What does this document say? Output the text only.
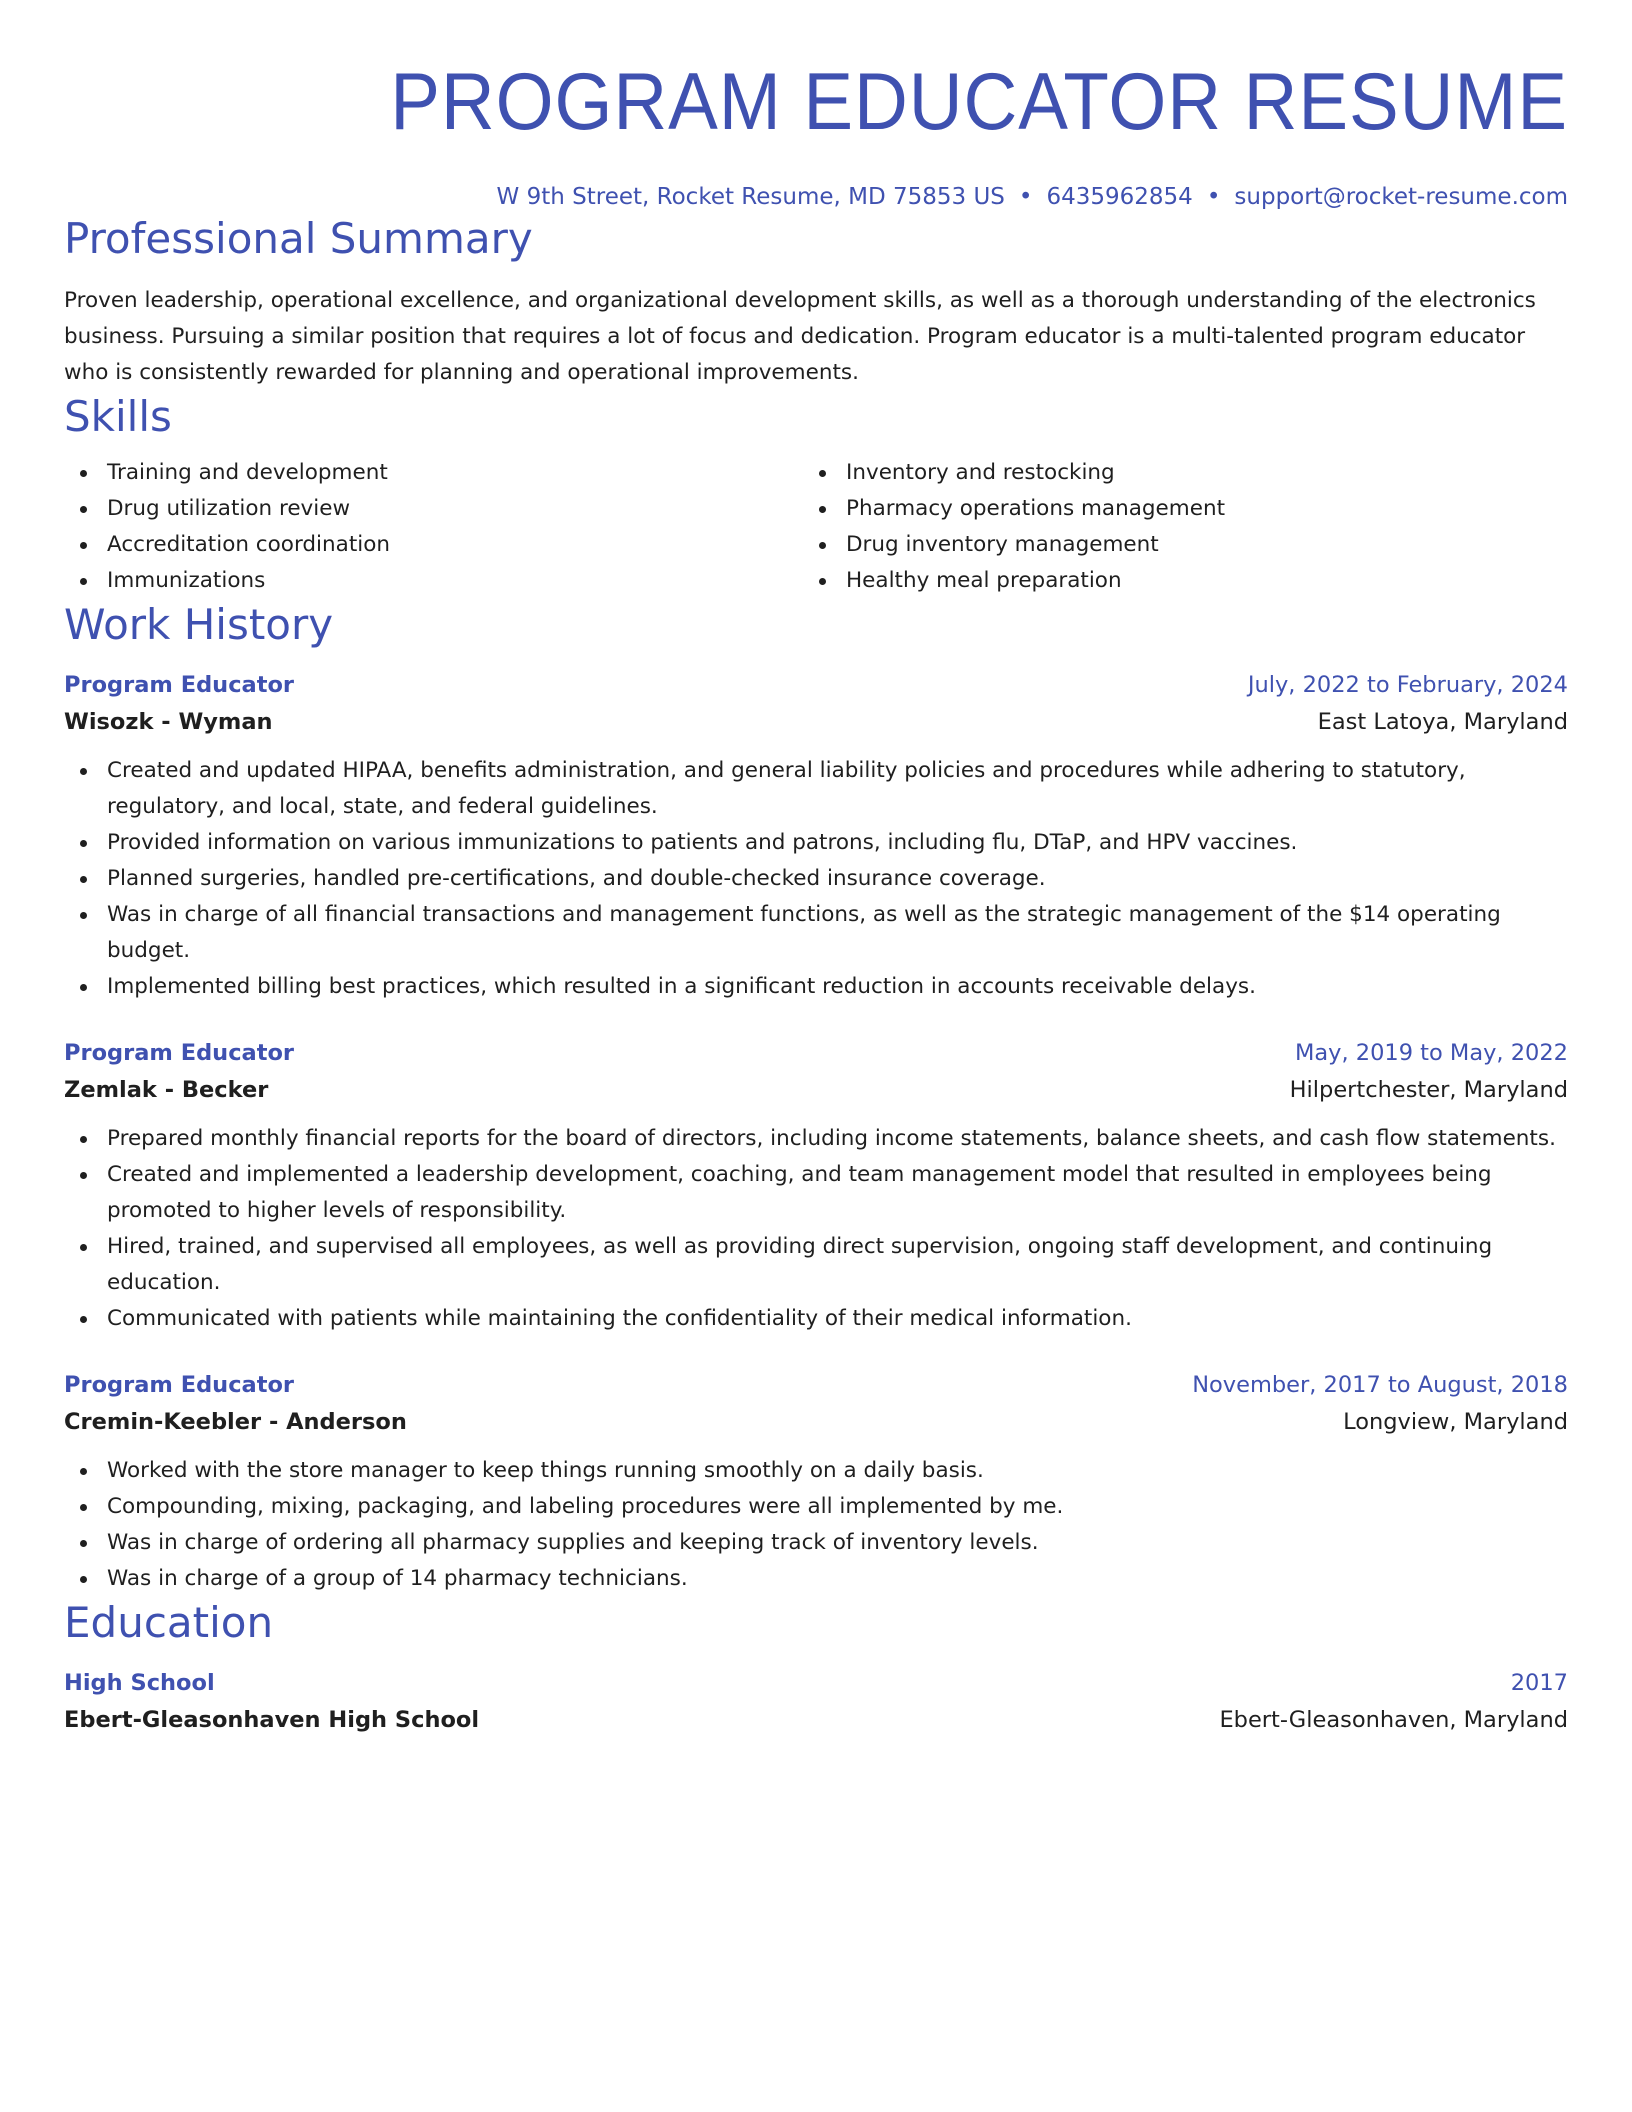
PROGRAM EDUCATOR RESUME
W 9th Street, Rocket Resume, MD 75853 US • 6435962854 • support@rocket-resume.com
Professional Summary

Proven leadership, operational excellence, and organizational development skills, as well as a thorough understanding of the electronics business. Pursuing a similar position that requires a lot of focus and dedication. Program educator is a multi-talented program educator who is consistently rewarded for planning and operational improvements.

Skills
Training and development
Drug utilization review
Accreditation coordination
Immunizations
Inventory and restocking
Pharmacy operations management
Drug inventory management
Healthy meal preparation
Work History
Program Educator	July, 2022 to February, 2024
Wisozk - Wyman	East Latoya, Maryland
Created and updated HIPAA, benefits administration, and general liability policies and procedures while adhering to statutory, regulatory, and local, state, and federal guidelines.
Provided information on various immunizations to patients and patrons, including flu, DTaP, and HPV vaccines.
Planned surgeries, handled pre-certifications, and double-checked insurance coverage.
Was in charge of all financial transactions and management functions, as well as the strategic management of the $14 operating budget.
Implemented billing best practices, which resulted in a significant reduction in accounts receivable delays.
Program Educator	May, 2019 to May, 2022
Zemlak - Becker	Hilpertchester, Maryland
Prepared monthly financial reports for the board of directors, including income statements, balance sheets, and cash flow statements.
Created and implemented a leadership development, coaching, and team management model that resulted in employees being promoted to higher levels of responsibility.
Hired, trained, and supervised all employees, as well as providing direct supervision, ongoing staff development, and continuing education.
Communicated with patients while maintaining the confidentiality of their medical information.
Program Educator	November, 2017 to August, 2018
Cremin-Keebler - Anderson	Longview, Maryland
Worked with the store manager to keep things running smoothly on a daily basis.
Compounding, mixing, packaging, and labeling procedures were all implemented by me.
Was in charge of ordering all pharmacy supplies and keeping track of inventory levels.
Was in charge of a group of 14 pharmacy technicians.
Education
High School	2017
Ebert-Gleasonhaven High School	Ebert-Gleasonhaven, Maryland
